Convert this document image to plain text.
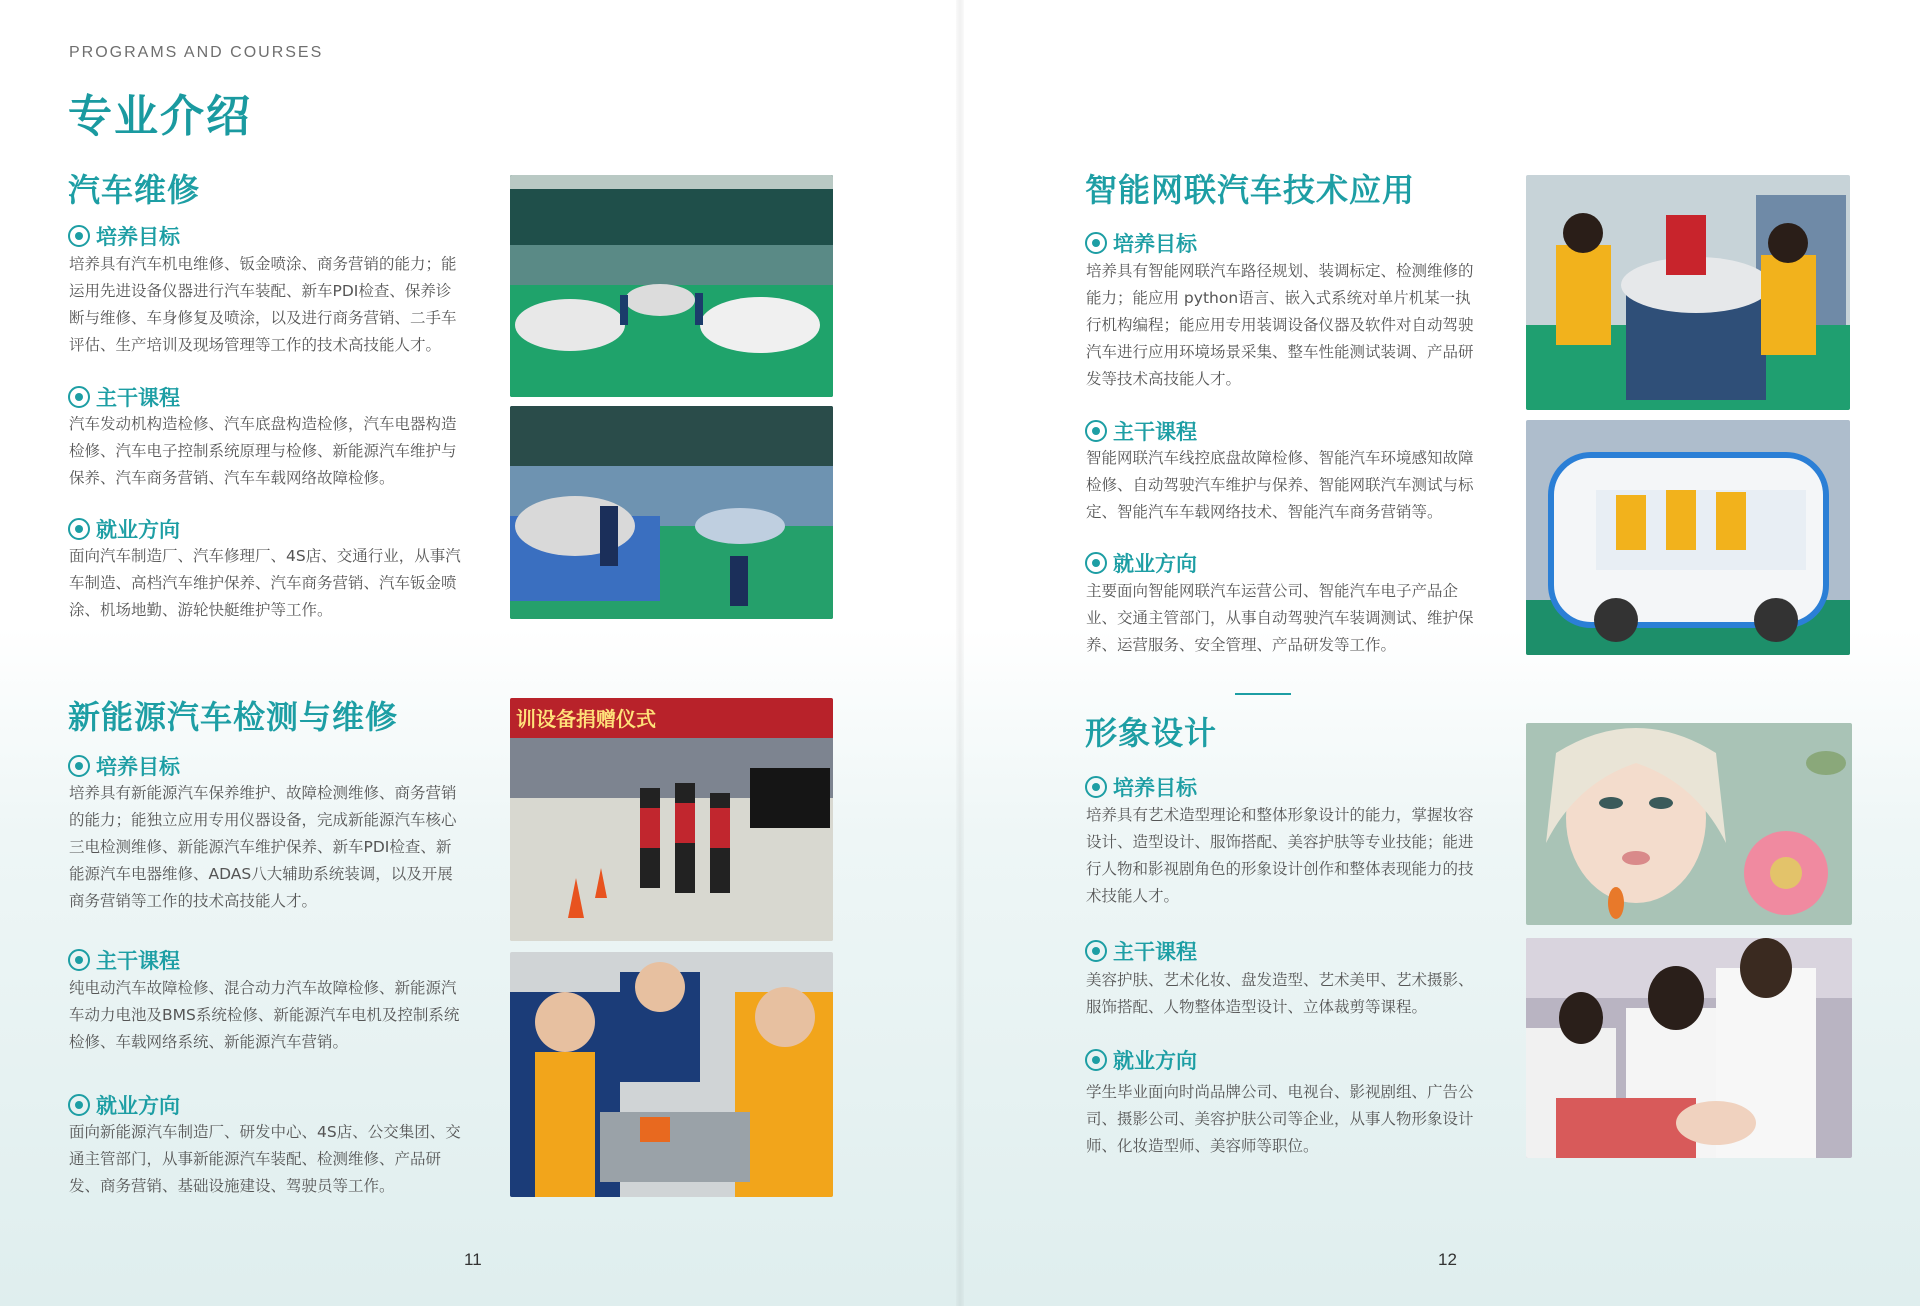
PROGRAMS AND COURSES
专业介绍
汽车维修
培养目标
培养具有汽车机电维修、钣金喷涂、商务营销的能力；能运用先进设备仪器进行汽车装配、新车PDI检查、保养诊断与维修、车身修复及喷涂，以及进行商务营销、二手车评估、生产培训及现场管理等工作的技术高技能人才。
主干课程
汽车发动机构造检修、汽车底盘构造检修，汽车电器构造检修、汽车电子控制系统原理与检修、新能源汽车维护与保养、汽车商务营销、汽车车载网络故障检修。
就业方向
面向汽车制造厂、汽车修理厂、4S店、交通行业，从事汽车制造、高档汽车维护保养、汽车商务营销、汽车钣金喷涂、机场地勤、游轮快艇维护等工作。
新能源汽车检测与维修
培养目标
培养具有新能源汽车保养维护、故障检测维修、商务营销的能力；能独立应用专用仪器设备，完成新能源汽车核心三电检测维修、新能源汽车维护保养、新车PDI检查、新能源汽车电器维修、ADAS八大辅助系统装调，以及开展商务营销等工作的技术高技能人才。
主干课程
纯电动汽车故障检修、混合动力汽车故障检修、新能源汽车动力电池及BMS系统检修、新能源汽车电机及控制系统检修、车载网络系统、新能源汽车营销。
就业方向
面向新能源汽车制造厂、研发中心、4S店、公交集团、交通主管部门，从事新能源汽车装配、检测维修、产品研发、商务营销、基础设施建设、驾驶员等工作。
训设备捐赠仪式
11
智能网联汽车技术应用
培养目标
培养具有智能网联汽车路径规划、装调标定、检测维修的能力；能应用 python语言、嵌入式系统对单片机某一执行机构编程；能应用专用装调设备仪器及软件对自动驾驶汽车进行应用环境场景采集、整车性能测试装调、产品研发等技术高技能人才。
主干课程
智能网联汽车线控底盘故障检修、智能汽车环境感知故障检修、自动驾驶汽车维护与保养、智能网联汽车测试与标定、智能汽车车载网络技术、智能汽车商务营销等。
就业方向
主要面向智能网联汽车运营公司、智能汽车电子产品企业、交通主管部门，从事自动驾驶汽车装调测试、维护保养、运营服务、安全管理、产品研发等工作。
形象设计
培养目标
培养具有艺术造型理论和整体形象设计的能力，掌握妆容设计、造型设计、服饰搭配、美容护肤等专业技能；能进行人物和影视剧角色的形象设计创作和整体表现能力的技术技能人才。
主干课程
美容护肤、艺术化妆、盘发造型、艺术美甲、艺术摄影、服饰搭配、人物整体造型设计、立体裁剪等课程。
就业方向
学生毕业面向时尚品牌公司、电视台、影视剧组、广告公司、摄影公司、美容护肤公司等企业，从事人物形象设计师、化妆造型师、美容师等职位。
12
